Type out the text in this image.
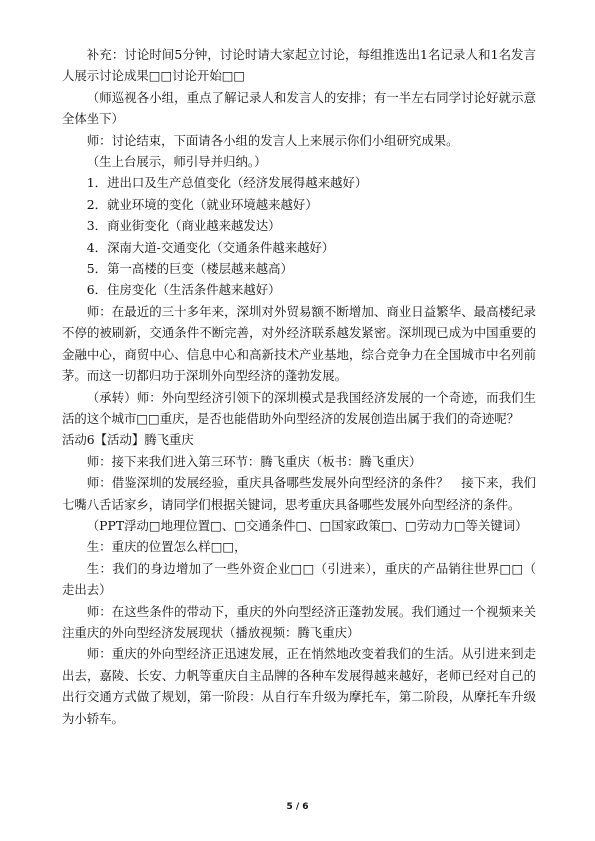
补充：讨论时间5分钟，讨论时请大家起立讨论，每组推选出1名记录人和1名发言人展示讨论成果□□讨论开始□□

（师巡视各小组，重点了解记录人和发言人的安排；有一半左右同学讨论好就示意全体坐下）

师：讨论结束，下面请各小组的发言人上来展示你们小组研究成果。

（生上台展示，师引导并归纳。）

1．进出口及生产总值变化（经济发展得越来越好）

2．就业环境的变化（就业环境越来越好）

3．商业街变化（商业越来越发达）

4．深南大道-交通变化（交通条件越来越好）

5．第一高楼的巨变（楼层越来越高）

6．住房变化（生活条件越来越好）

师：在最近的三十多年来，深圳对外贸易额不断增加、商业日益繁华、最高楼纪录不停的被刷新，交通条件不断完善，对外经济联系越发紧密。深圳现已成为中国重要的金融中心，商贸中心、信息中心和高新技术产业基地，综合竞争力在全国城市中名列前茅。而这一切都归功于深圳外向型经济的蓬勃发展。

（承转）师：外向型经济引领下的深圳模式是我国经济发展的一个奇迹，而我们生活的这个城市□□重庆，是否也能借助外向型经济的发展创造出属于我们的奇迹呢？

活动6【活动】腾飞重庆

师：接下来我们进入第三环节：腾飞重庆（板书：腾飞重庆）

师：借鉴深圳的发展经验，重庆具备哪些发展外向型经济的条件？　接下来，我们七嘴八舌话家乡，请同学们根据关键词，思考重庆具备哪些发展外向型经济的条件。

（PPT浮动□地理位置□、□交通条件□、□国家政策□、□劳动力□等关键词）

生：重庆的位置怎么样□□，

生：我们的身边增加了一些外资企业□□（引进来），重庆的产品销往世界□□（走出去）

师：在这些条件的带动下，重庆的外向型经济正蓬勃发展。我们通过一个视频来关注重庆的外向型经济发展现状（播放视频：腾飞重庆）

师：重庆的外向型经济正迅速发展，正在悄然地改变着我们的生活。从引进来到走出去，嘉陵、长安、力帆等重庆自主品牌的各种车发展得越来越好，老师已经对自己的出行交通方式做了规划，第一阶段：从自行车升级为摩托车，第二阶段，从摩托车升级为小轿车。

5 / 6
